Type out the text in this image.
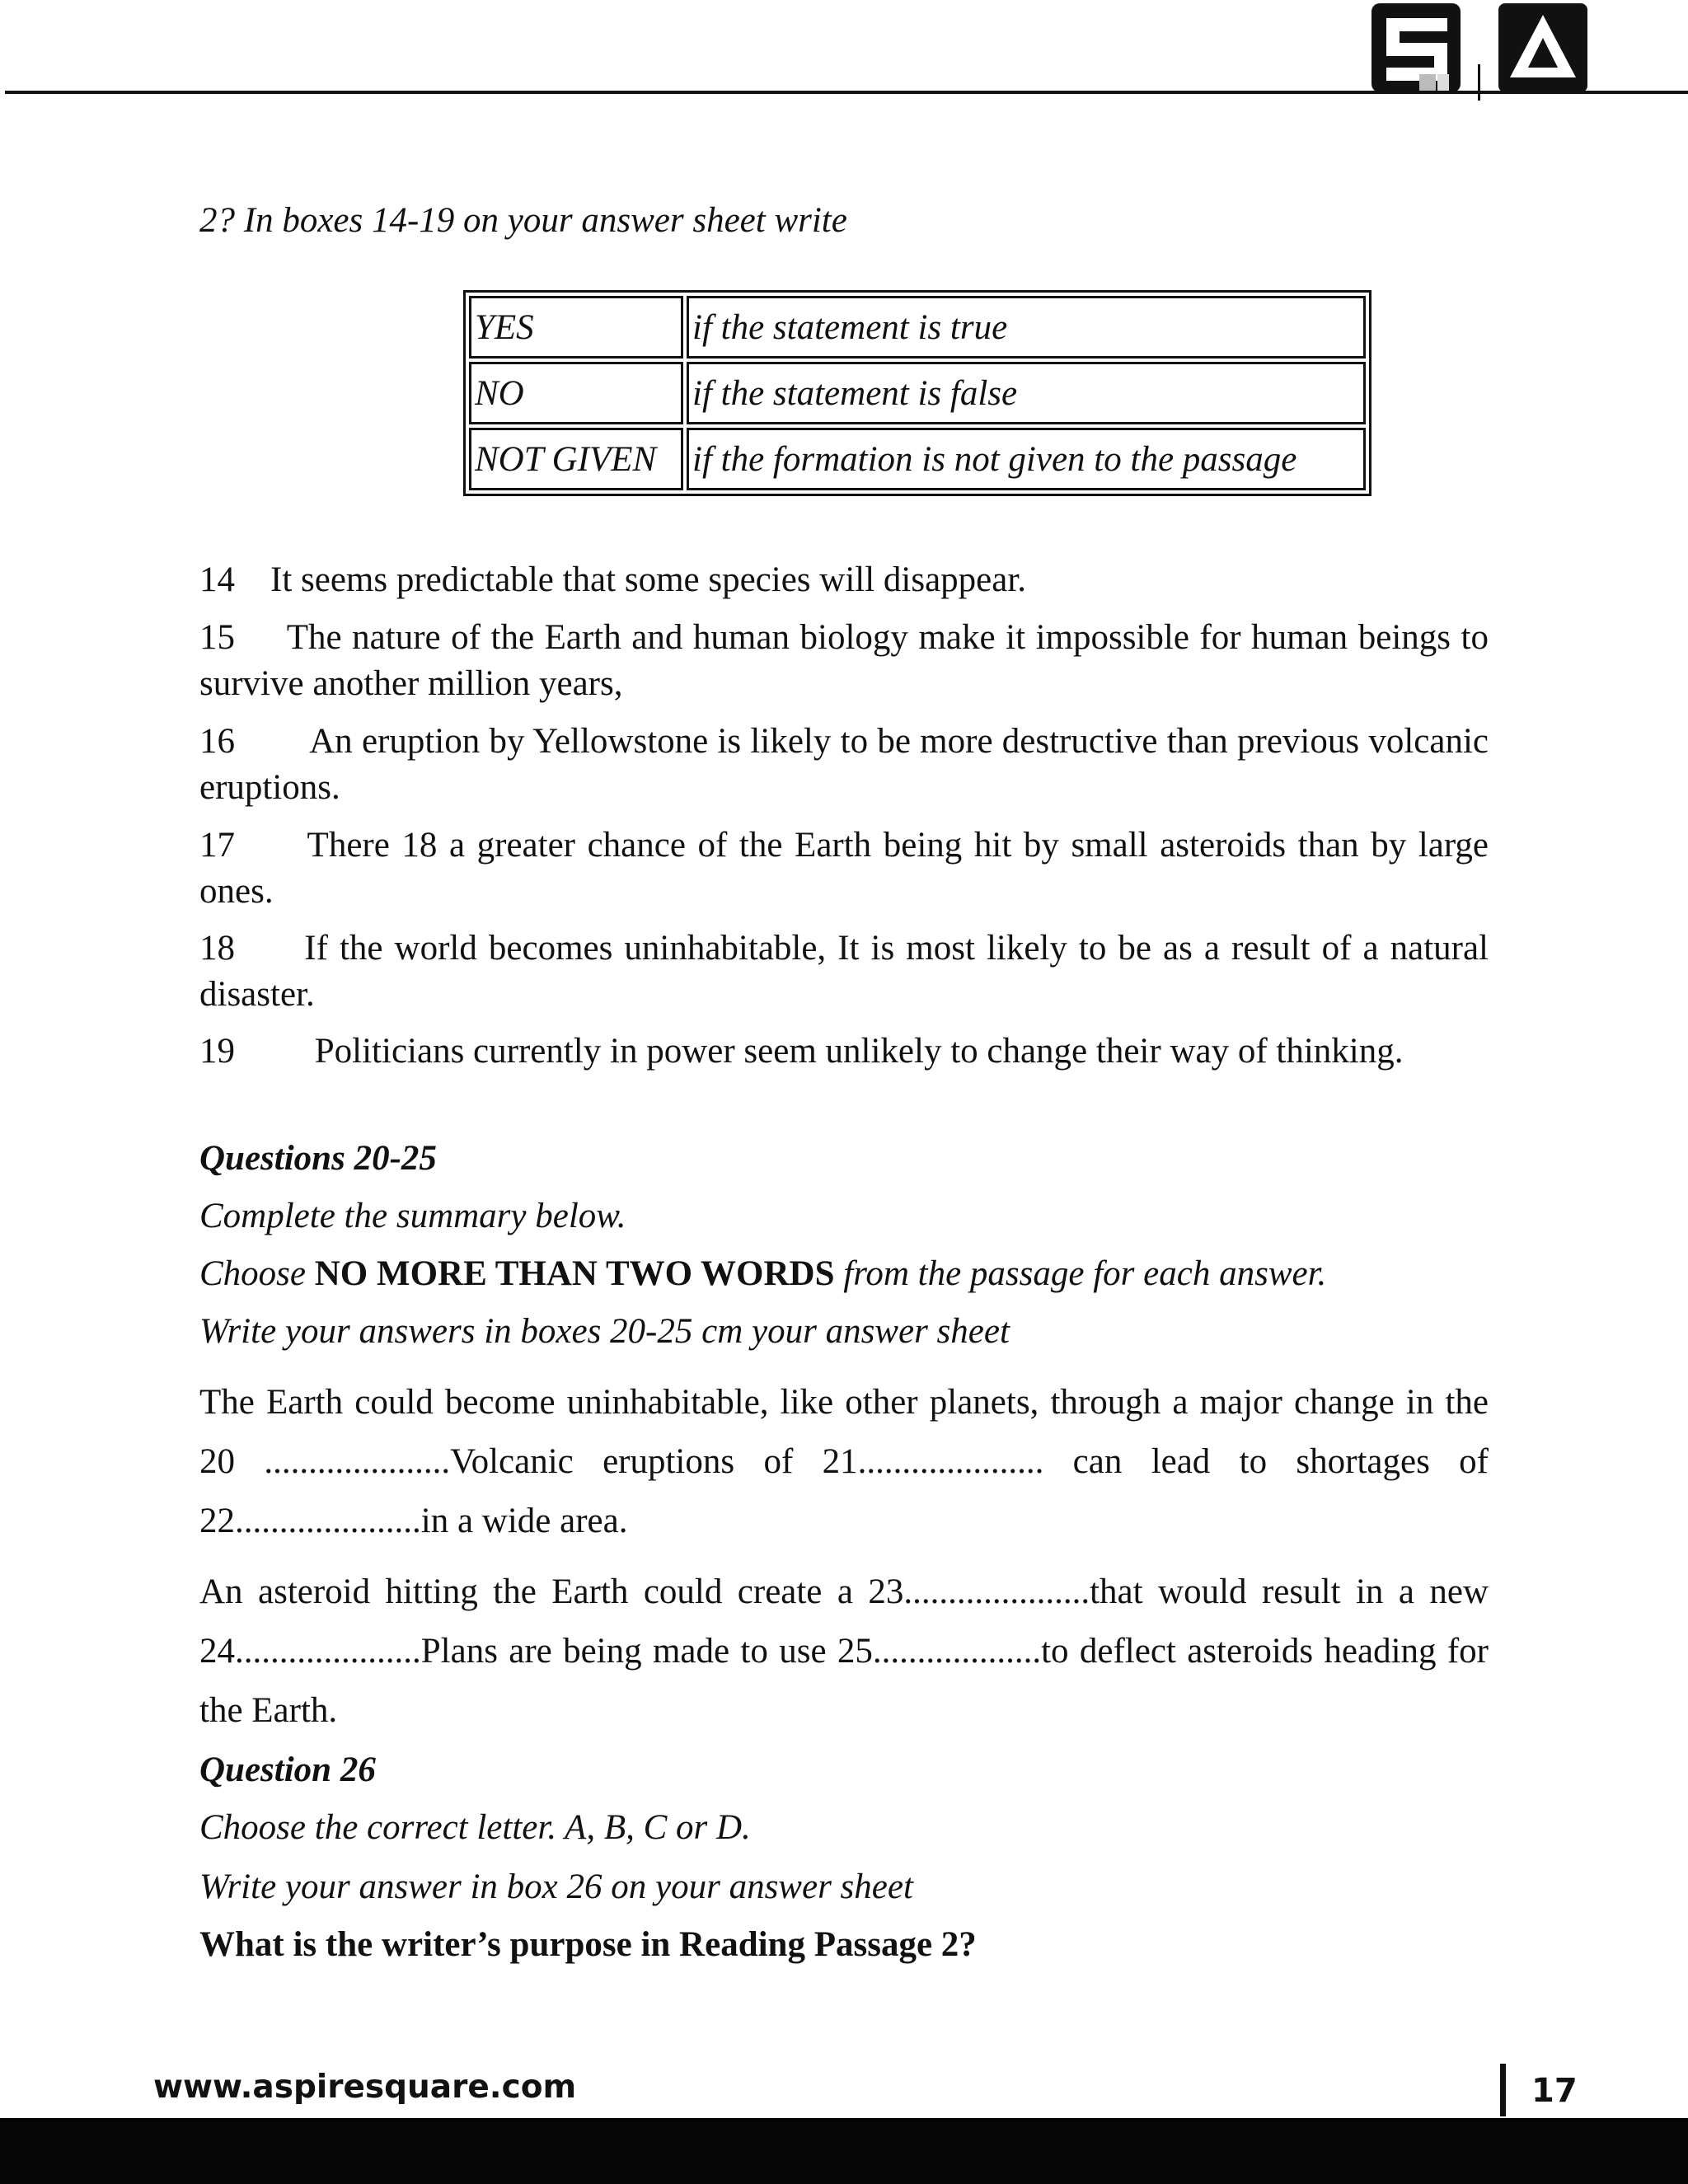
2? In boxes 14-19 on your answer sheet write
YES	if the statement is true
NO	if the statement is false
NOT GIVEN	if the formation is not given to the passage
14 It seems predictable that some species will disappear.
15 The nature of the Earth and human biology make it impossible for human beings to survive another million years,
16 An eruption by Yellowstone is likely to be more destructive than previous volcanic eruptions.
17 There 18 a greater chance of the Earth being hit by small asteroids than by large ones.
18 If the world becomes uninhabitable, It is most likely to be as a result of a natural disaster.
19 Politicians currently in power seem unlikely to change their way of thinking.
Questions 20-25
Complete the summary below.
Choose NO MORE THAN TWO WORDS from the passage for each answer.
Write your answers in boxes 20-25 cm your answer sheet
The Earth could become uninhabitable, like other planets, through a major change in the 20 .....................Volcanic eruptions of 21..................... can lead to shortages of 22.....................in a wide area.
An asteroid hitting the Earth could create a 23.....................that would result in a new 24.....................Plans are being made to use 25...................to deflect asteroids heading for the Earth.
Question 26
Choose the correct letter. A, B, C or D.
Write your answer in box 26 on your answer sheet
What is the writer’s purpose in Reading Passage 2?
www.aspiresquare.com	17
